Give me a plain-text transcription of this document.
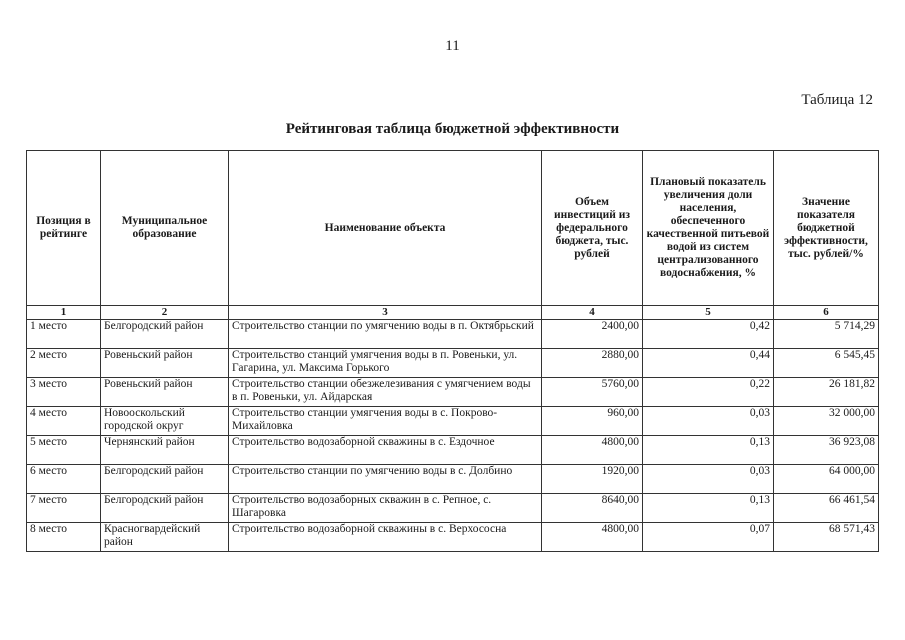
11
Таблица 12
Рейтинговая таблица бюджетной эффективности
Позиция в рейтинге	Муниципальное образование	Наименование объекта	Объем инвестиций из федерального бюджета, тыс. рублей	Плановый показатель увеличения доли населения, обеспеченного качественной питьевой водой из систем централизованного водоснабжения, %	Значение показателя бюджетной эффективности, тыс. рублей/%
1	2	3	4	5	6
1 место	Белгородский район	Строительство станции по умягчению воды в п. Октябрьский	2400,00	0,42	5 714,29
2 место	Ровеньский район	Строительство станций умягчения воды в п. Ровеньки, ул. Гагарина, ул. Максима Горького	2880,00	0,44	6 545,45
3 место	Ровеньский район	Строительство станции обезжелезивания с умягчением воды в п. Ровеньки, ул. Айдарская	5760,00	0,22	26 181,82
4 место	Новооскольский городской округ	Строительство станции умягчения воды в с. Покрово-Михайловка	960,00	0,03	32 000,00
5 место	Чернянский район	Строительство водозаборной скважины в с. Ездочное	4800,00	0,13	36 923,08
6 место	Белгородский район	Строительство станции по умягчению воды в с. Долбино	1920,00	0,03	64 000,00
7 место	Белгородский район	Строительство водозаборных скважин в с. Репное, с. Шагаровка	8640,00	0,13	66 461,54
8 место	Красногвардейский район	Строительство водозаборной скважины в с. Верхососна	4800,00	0,07	68 571,43
